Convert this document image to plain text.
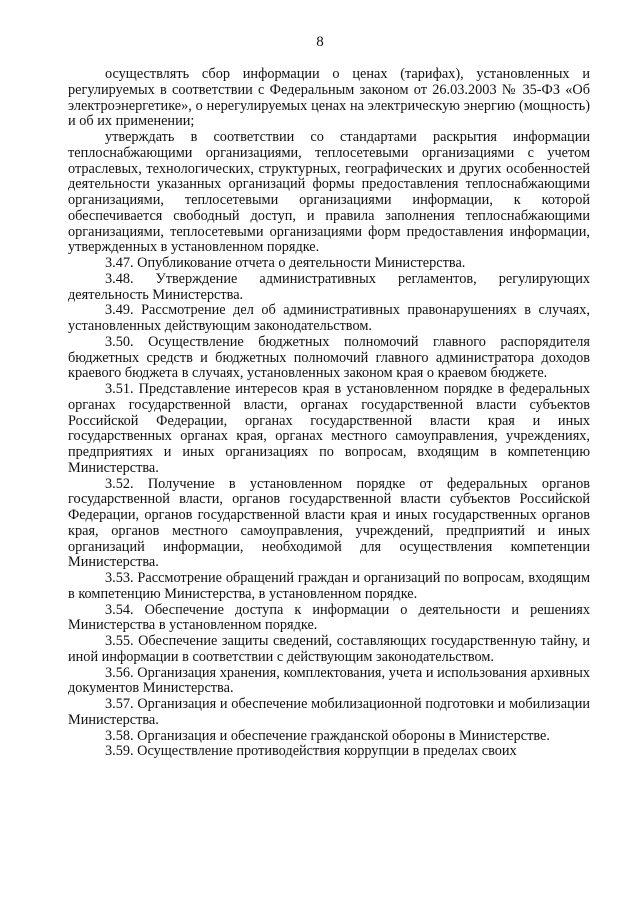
8

осуществлять сбор информации о ценах (тарифах), установленных и регулируемых в соответствии с Федеральным законом от 26.03.2003 № 35-ФЗ «Об электроэнергетике», о нерегулируемых ценах на электрическую энергию (мощность) и об их применении;

утверждать в соответствии со стандартами раскрытия информации теплоснабжающими организациями, теплосетевыми организациями с учетом отраслевых, технологических, структурных, географических и других особенностей деятельности указанных организаций формы предоставления теплоснабжающими организациями, теплосетевыми организациями информации, к которой обеспечивается свободный доступ, и правила заполнения теплоснабжающими организациями, теплосетевыми организациями форм предоставления информации, утвержденных в установленном порядке.

3.47. Опубликование отчета о деятельности Министерства.

3.48. Утверждение административных регламентов, регулирующих деятельность Министерства.

3.49. Рассмотрение дел об административных правонарушениях в случаях, установленных действующим законодательством.

3.50. Осуществление бюджетных полномочий главного распорядителя бюджетных средств и бюджетных полномочий главного администратора доходов краевого бюджета в случаях, установленных законом края о краевом бюджете.

3.51. Представление интересов края в установленном порядке в федеральных органах государственной власти, органах государственной власти субъектов Российской Федерации, органах государственной власти края и иных государственных органах края, органах местного самоуправления, учреждениях, предприятиях и иных организациях по вопросам, входящим в компетенцию Министерства.

3.52. Получение в установленном порядке от федеральных органов государственной власти, органов государственной власти субъектов Российской Федерации, органов государственной власти края и иных государственных органов края, органов местного самоуправления, учреждений, предприятий и иных организаций информации, необходимой для осуществления компетенции Министерства.

3.53. Рассмотрение обращений граждан и организаций по вопросам, входящим в компетенцию Министерства, в установленном порядке.

3.54. Обеспечение доступа к информации о деятельности и решениях Министерства в установленном порядке.

3.55. Обеспечение защиты сведений, составляющих государственную тайну, и иной информации в соответствии с действующим законодательством.

3.56. Организация хранения, комплектования, учета и использования архивных документов Министерства.

3.57. Организация и обеспечение мобилизационной подготовки и мобилизации Министерства.

3.58. Организация и обеспечение гражданской обороны в Министерстве.

3.59. Осуществление противодействия коррупции в пределах своих
